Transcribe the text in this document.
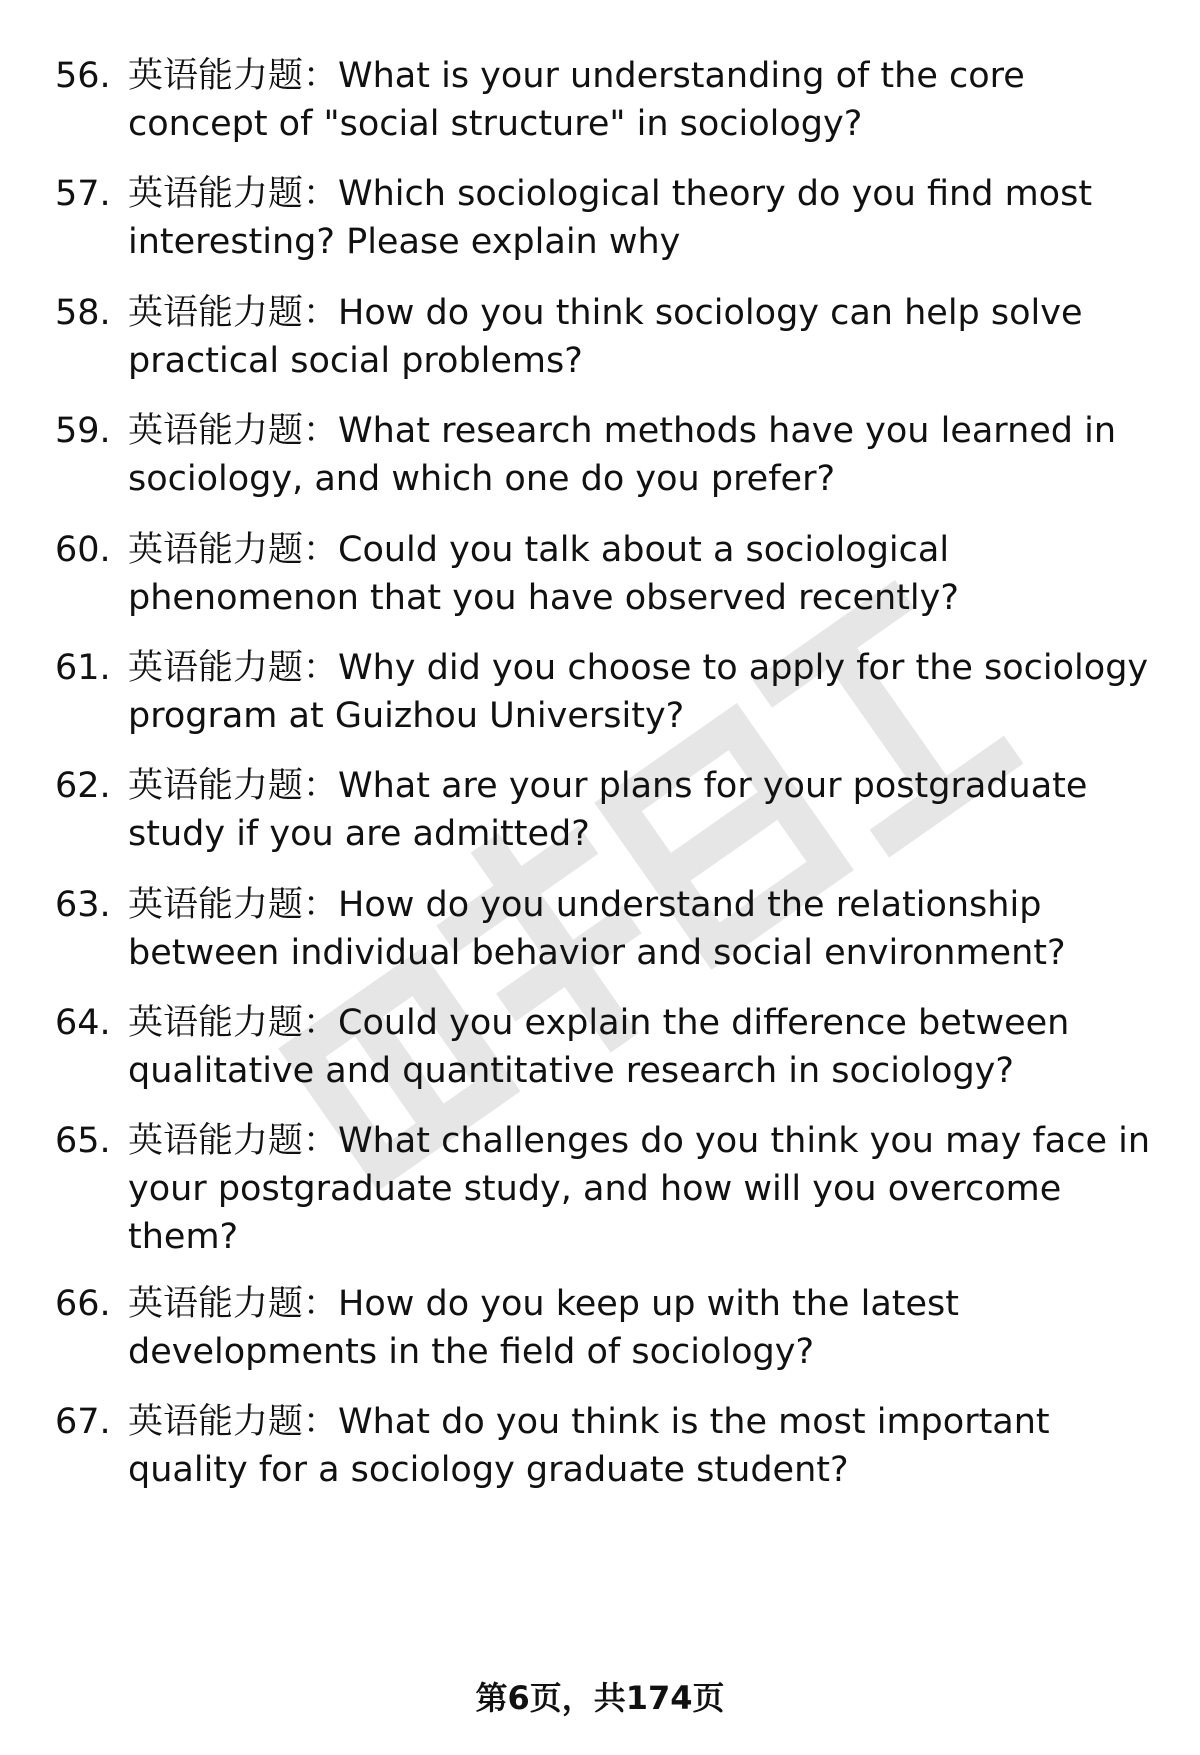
56. 英语能力题：What is your understanding of the core
concept of "social structure" in sociology?
57. 英语能力题：Which sociological theory do you find most
interesting? Please explain why
58. 英语能力题：How do you think sociology can help solve
practical social problems?
59. 英语能力题：What research methods have you learned in
sociology, and which one do you prefer?
60. 英语能力题：Could you talk about a sociological
phenomenon that you have observed recently?
61. 英语能力题：Why did you choose to apply for the sociology
program at Guizhou University?
62. 英语能力题：What are your plans for your postgraduate
study if you are admitted?
63. 英语能力题：How do you understand the relationship
between individual behavior and social environment?
64. 英语能力题：Could you explain the difference between
qualitative and quantitative research in sociology?
65. 英语能力题：What challenges do you think you may face in
your postgraduate study, and how will you overcome
them?
66. 英语能力题：How do you keep up with the latest
developments in the field of sociology?
67. 英语能力题：What do you think is the most important
quality for a sociology graduate student?
第6页，共174页
